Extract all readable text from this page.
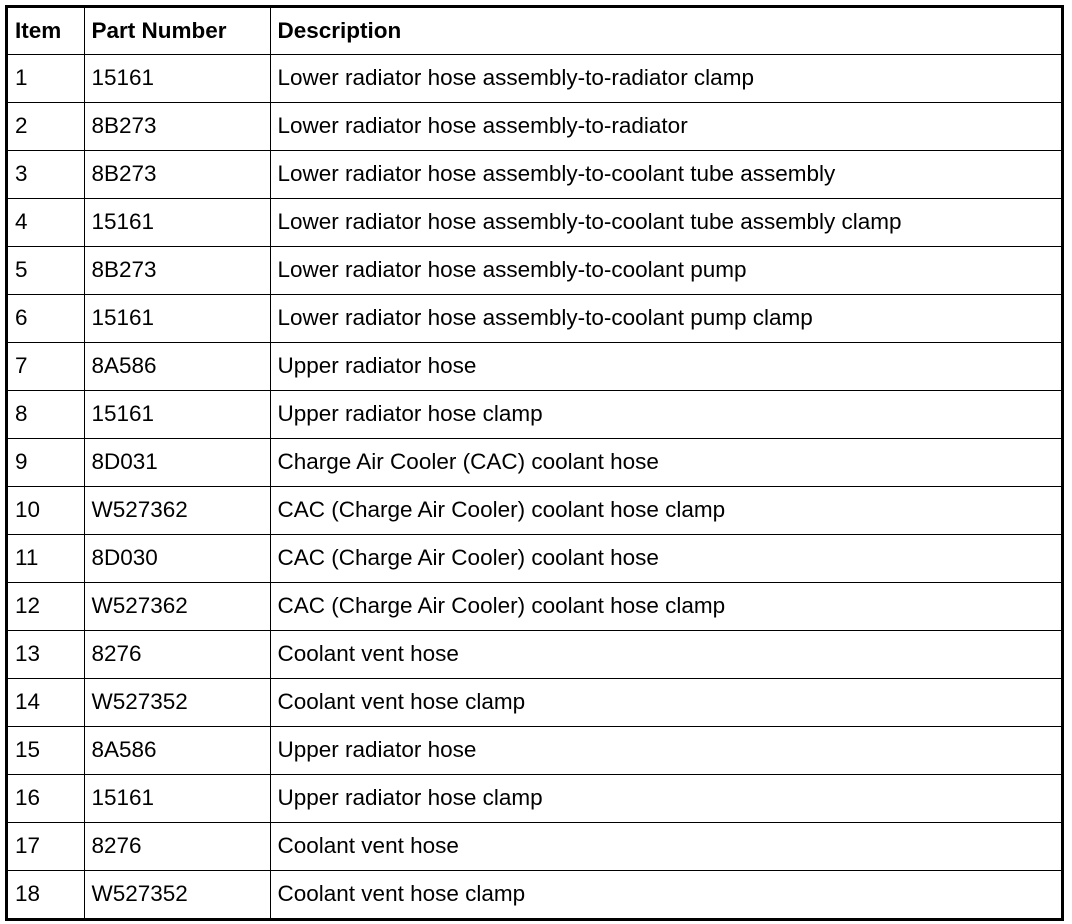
Item	Part Number	Description
1	15161	Lower radiator hose assembly-to-radiator clamp
2	8B273	Lower radiator hose assembly-to-radiator
3	8B273	Lower radiator hose assembly-to-coolant tube assembly
4	15161	Lower radiator hose assembly-to-coolant tube assembly clamp
5	8B273	Lower radiator hose assembly-to-coolant pump
6	15161	Lower radiator hose assembly-to-coolant pump clamp
7	8A586	Upper radiator hose
8	15161	Upper radiator hose clamp
9	8D031	Charge Air Cooler (CAC) coolant hose
10	W527362	CAC (Charge Air Cooler) coolant hose clamp
11	8D030	CAC (Charge Air Cooler) coolant hose
12	W527362	CAC (Charge Air Cooler) coolant hose clamp
13	8276	Coolant vent hose
14	W527352	Coolant vent hose clamp
15	8A586	Upper radiator hose
16	15161	Upper radiator hose clamp
17	8276	Coolant vent hose
18	W527352	Coolant vent hose clamp
